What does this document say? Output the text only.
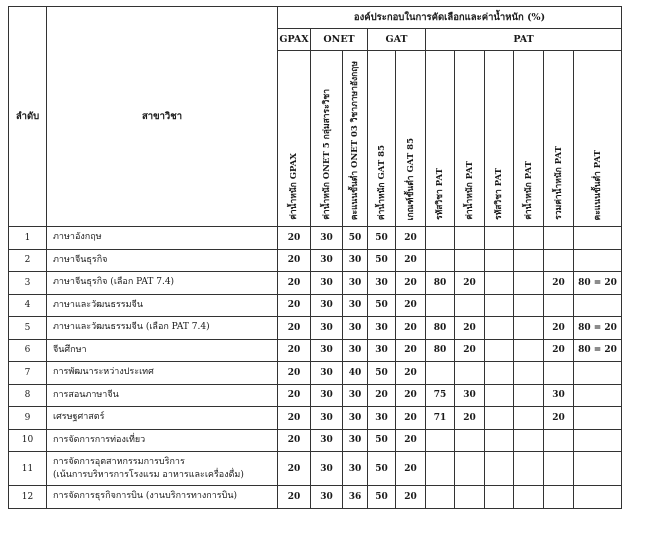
ลำดับ	สาขาวิชา	องค์ประกอบในการคัดเลือกและค่าน้ำหนัก (%)										
		GPAX	ONET		GAT		PAT					

		ค่าน้ำหนัก GPAX	ค่าน้ำหนัก ONET 5 กลุ่มสาระวิชา	คะแนนขั้นต่ำ ONET 03 วิชาภาษาอังกฤษ	ค่าน้ำหนัก GAT 85	เกณฑ์ขั้นต่ำ GAT 85	รหัสวิชา PAT	ค่าน้ำหนัก PAT	รหัสวิชา PAT	ค่าน้ำหนัก PAT	รวมค่าน้ำหนัก PAT	คะแนนขั้นต่ำ PAT

1	ภาษาอังกฤษ	20	30	50	50	20						
2	ภาษาจีนธุรกิจ	20	30	30	50	20						
3	ภาษาจีนธุรกิจ (เลือก PAT 7.4)	20	30	30	30	20	80	20			20	80 = 20
4	ภาษาและวัฒนธรรมจีน	20	30	30	50	20						
5	ภาษาและวัฒนธรรมจีน (เลือก PAT 7.4)	20	30	30	30	20	80	20			20	80 = 20
6	จีนศึกษา	20	30	30	30	20	80	20			20	80 = 20
7	การพัฒนาระหว่างประเทศ	20	30	40	50	20						
8	การสอนภาษาจีน	20	30	30	20	20	75	30			30	
9	เศรษฐศาสตร์	20	30	30	30	20	71	20			20	
10	การจัดการการท่องเที่ยว	20	30	30	50	20						
11	การจัดการอุตสาหกรรมการบริการ
(เน้นการบริหารการโรงแรม อาหารและเครื่องดื่ม)	20	30	30	50	20						
12	การจัดการธุรกิจการบิน (งานบริการทางการบิน)	20	30	36	50	20						
